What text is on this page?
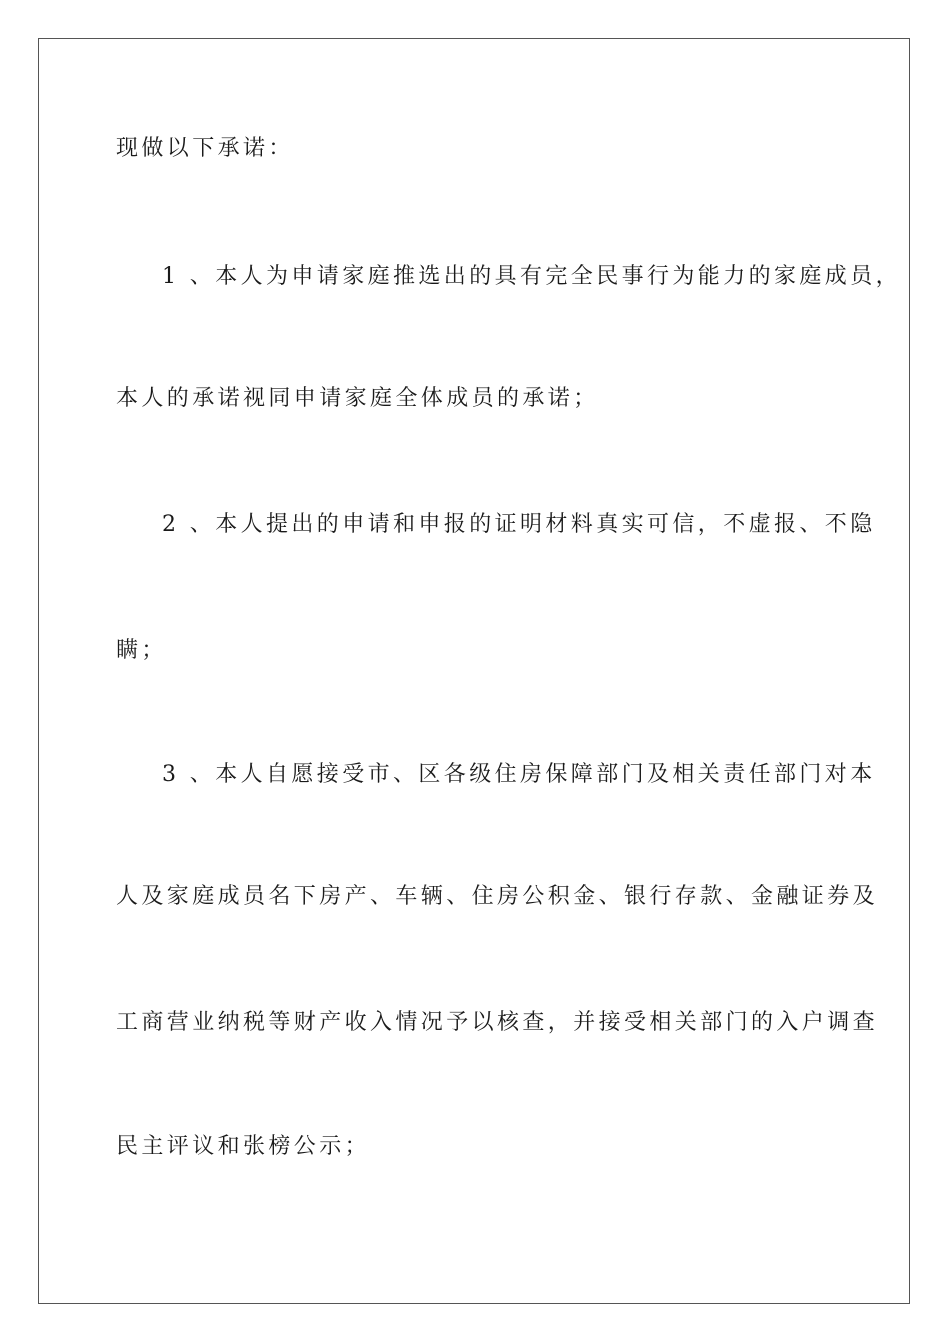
现做以下承诺：
1 、本人为申请家庭推选出的具有完全民事行为能力的家庭成员，
本人的承诺视同申请家庭全体成员的承诺；
2 、本人提出的申请和申报的证明材料真实可信，不虚报、不隐
瞒；
3 、本人自愿接受市、区各级住房保障部门及相关责任部门对本
人及家庭成员名下房产、车辆、住房公积金、银行存款、金融证券及
工商营业纳税等财产收入情况予以核查，并接受相关部门的入户调查
民主评议和张榜公示；
